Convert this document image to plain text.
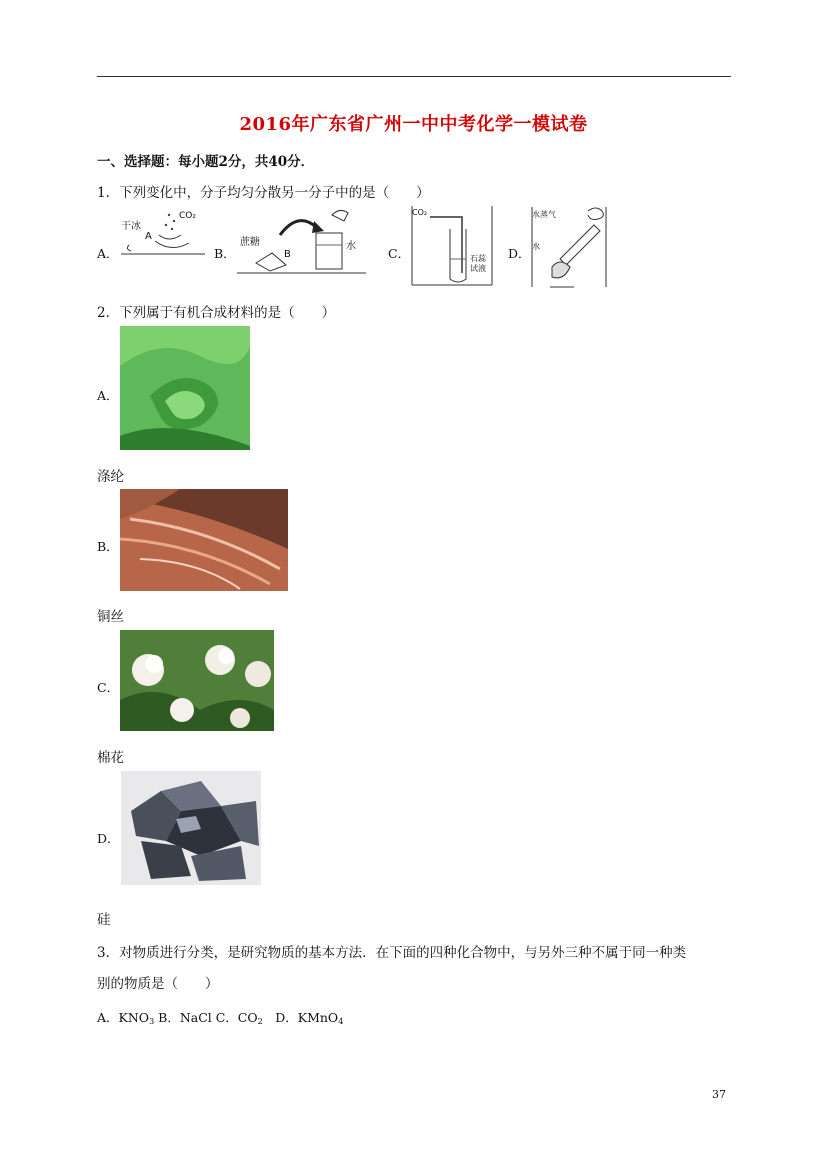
2016年广东省广州一中中考化学一模试卷
一、选择题：每小题2分，共40分．
1．下列变化中，分子均匀分散另一分子中的是（　　）
A．
干冰
CO₂
A
B．
蔗糖
B
水	C．
CO₂
石蕊
试液
D．
水蒸气
水
2．下列属于有机合成材料的是（　　）
A．
涤纶
B．
铜丝
C．
棉花
D．
硅
3．对物质进行分类，是研究物质的基本方法．在下面的四种化合物中，与另外三种不属于同一种类
别的物质是（　　）
A．$KNO_3$ B．NaCl C．$CO_2$　D．KMnO$_4$
37
